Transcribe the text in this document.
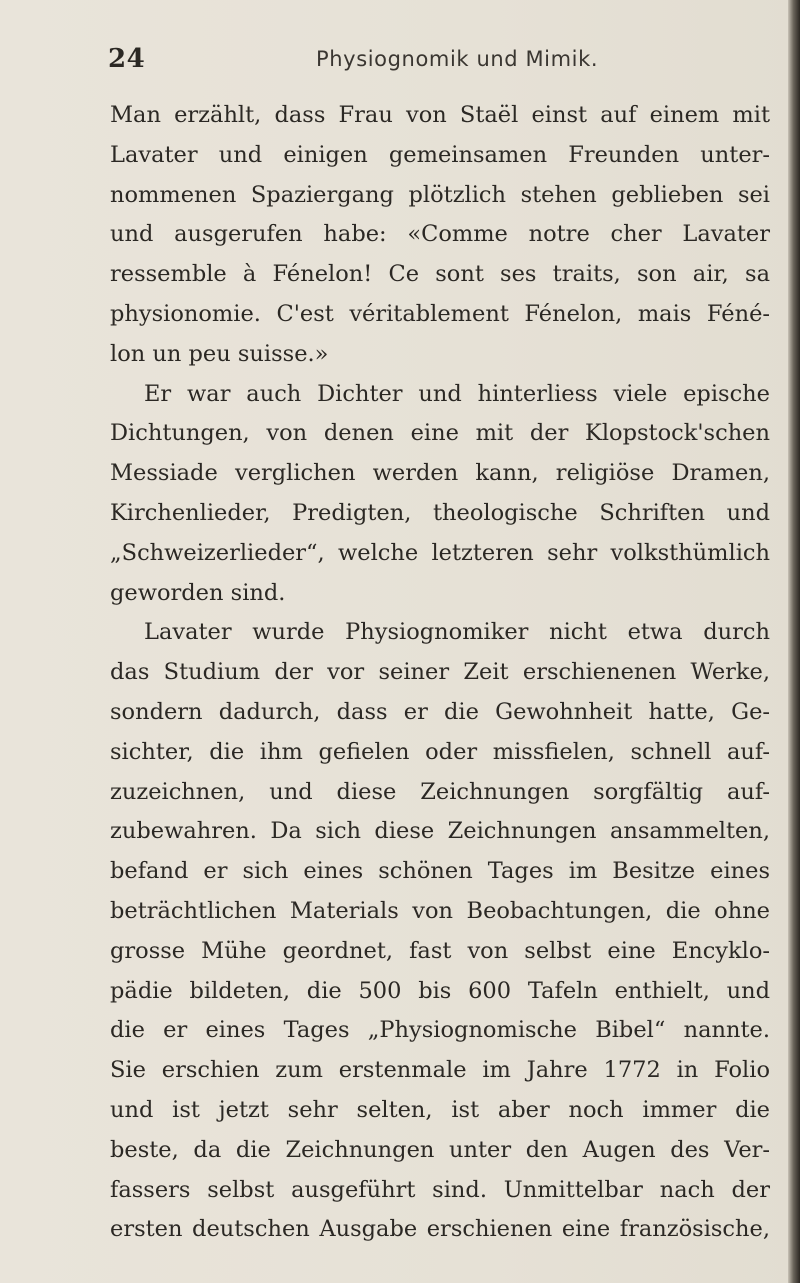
24	Physiognomik und Mimik.
Man erzählt, dass Frau von Staël einst auf einem mit
Lavater und einigen gemeinsamen Freunden unter-
nommenen Spaziergang plötzlich stehen geblieben sei
und ausgerufen habe: «Comme notre cher Lavater
ressemble à Fénelon! Ce sont ses traits, son air, sa
physionomie. C'est véritablement Fénelon, mais Féné-
lon un peu suisse.»
Er war auch Dichter und hinterliess viele epische
Dichtungen, von denen eine mit der Klopstock'schen
Messiade verglichen werden kann, religiöse Dramen,
Kirchenlieder, Predigten, theologische Schriften und
„Schweizerlieder“, welche letzteren sehr volksthümlich
geworden sind.
Lavater wurde Physiognomiker nicht etwa durch
das Studium der vor seiner Zeit erschienenen Werke,
sondern dadurch, dass er die Gewohnheit hatte, Ge-
sichter, die ihm gefielen oder missfielen, schnell auf-
zuzeichnen, und diese Zeichnungen sorgfältig auf-
zubewahren. Da sich diese Zeichnungen ansammelten,
befand er sich eines schönen Tages im Besitze eines
beträchtlichen Materials von Beobachtungen, die ohne
grosse Mühe geordnet, fast von selbst eine Encyklo-
pädie bildeten, die 500 bis 600 Tafeln enthielt, und
die er eines Tages „Physiognomische Bibel“ nannte.
Sie erschien zum erstenmale im Jahre 1772 in Folio
und ist jetzt sehr selten, ist aber noch immer die
beste, da die Zeichnungen unter den Augen des Ver-
fassers selbst ausgeführt sind. Unmittelbar nach der
ersten deutschen Ausgabe erschienen eine französische,
